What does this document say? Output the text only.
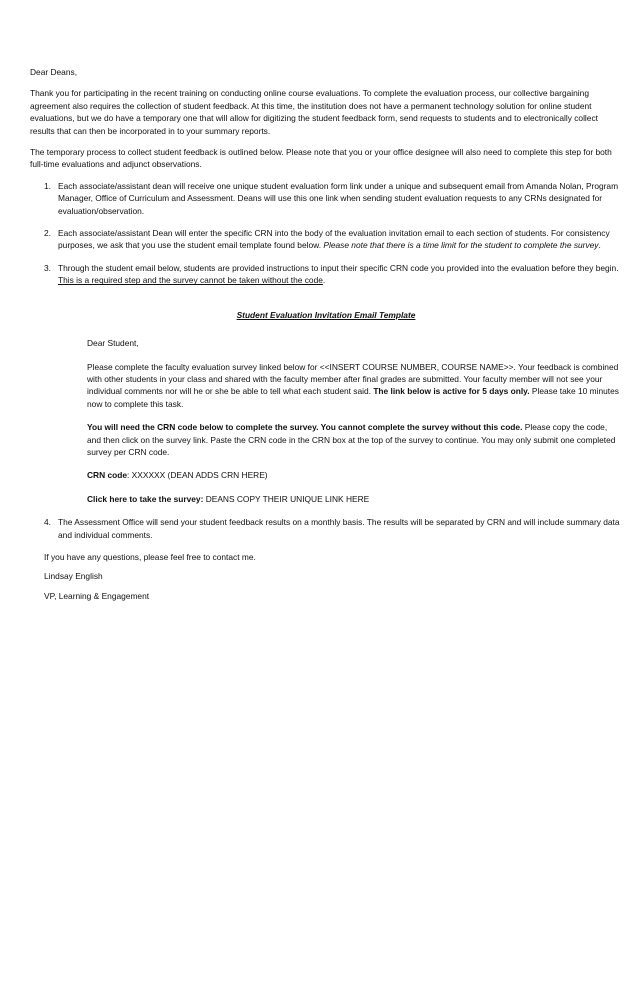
Dear Deans,

Thank you for participating in the recent training on conducting online course evaluations. To complete the evaluation process, our collective bargaining agreement also requires the collection of student feedback. At this time, the institution does not have a permanent technology solution for online student evaluations, but we do have a temporary one that will allow for digitizing the student feedback form, send requests to students and to electronically collect results that can then be incorporated in to your summary reports.

The temporary process to collect student feedback is outlined below. Please note that you or your office designee will also need to complete this step for both full-time evaluations and adjunct observations.

1. Each associate/assistant dean will receive one unique student evaluation form link under a unique and subsequent email from Amanda Nolan, Program Manager, Office of Curriculum and Assessment. Deans will use this one link when sending student evaluation requests to any CRNs designated for evaluation/observation.
2. Each associate/assistant Dean will enter the specific CRN into the body of the evaluation invitation email to each section of students. For consistency purposes, we ask that you use the student email template found below. Please note that there is a time limit for the student to complete the survey.
3. Through the student email below, students are provided instructions to input their specific CRN code you provided into the evaluation before they begin. This is a required step and the survey cannot be taken without the code.

Student Evaluation Invitation Email Template

Dear Student,

Please complete the faculty evaluation survey linked below for <<INSERT COURSE NUMBER, COURSE NAME>>. Your feedback is combined with other students in your class and shared with the faculty member after final grades are submitted. Your faculty member will not see your individual comments nor will he or she be able to tell what each student said. The link below is active for 5 days only. Please take 10 minutes now to complete this task.

You will need the CRN code below to complete the survey. You cannot complete the survey without this code. Please copy the code, and then click on the survey link. Paste the CRN code in the CRN box at the top of the survey to continue. You may only submit one completed survey per CRN code.

CRN code: XXXXXX (DEAN ADDS CRN HERE)

Click here to take the survey: DEANS COPY THEIR UNIQUE LINK HERE

4. The Assessment Office will send your student feedback results on a monthly basis. The results will be separated by CRN and will include summary data and individual comments.

If you have any questions, please feel free to contact me.

Lindsay English

VP, Learning & Engagement
